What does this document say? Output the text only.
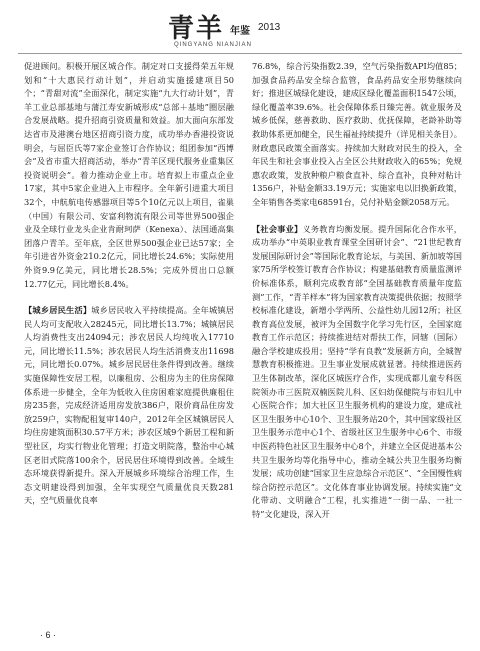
青羊 年鉴 2013
QINGYANG NIANJIAN

促进顾问。积极开展区城合作。制定对口支援得荣五年规划和“十大惠民行动计划”，并启动实施援建项目50个；“青甜对流”全面深化，制定实施“九大行动计划”，青羊工业总部基地与蒲江寿安新城形成“总部＋基地”圈层融合发展战略。提升招商引资质量和效益。加大面向东部发达省市及港澳台地区招商引资力度，成功举办香港投资说明会，与屈臣氏等7家企业签订合作协议；组团参加“西博会”及省市重大招商活动，举办“青羊区现代服务业重集区投资说明会”。着力推动企业上市。培育拟上市重点企业17家，其中5家企业进入上市程序。全年新引进重大项目32个，中航航电传感器项目等5个10亿元以上项目，雀巢（中国）有限公司、安富利物流有限公司等世界500强企业及全球行业龙头企业肯耐珂萨（Kenexa）、法国通高集团落户青羊。至年底，全区世界500强企业已达57家；全年引进省外资金210.2亿元，同比增长24.6%；实际使用外资9.9亿美元，同比增长28.5%；完成外贸出口总额12.77亿元，同比增长8.4%。

【城乡居民生活】城乡居民收入平持续提高。全年城镇居民人均可支配收入28245元，同比增长13.7%；城镇居民人均消费性支出24094元；涉农居民人均纯收入17710元，同比增长11.5%；涉农居民人均生活消费支出11698元，同比增长0.07%。城乡居民居住条件得到改善。继续实施保障性安居工程，以廉租房、公租房为主的住房保障体系进一步健全，全年为低收入住房困难家庭提供廉租住房235套，完成经济适用房发放386户，限价商品住房发放259户，实物配租复审140户，2012年全区城镇居民人均住房建筑面积30.57平方米；涉农区域9个新居工程和新型社区，均实行物业化管理；打造文明院落，整治中心城区老旧式院落100余个，居民居住环境得到改善。全域生态环境获得新提升。深入开展城乡环境综合治理工作，生态文明建设得到加强，全年实现空气质量优良天数281天，空气质量优良率

76.8%，综合污染指数2.39，空气污染指数API均值85；加强食品药品安全综合监管，食品药品安全形势继续向好；推进区城绿化建设，建成区绿化覆盖面积1547公顷，绿化覆盖率39.6%。社会保障体系日臻完善。就业服务及城乡低保，慈善救助、医疗救助、优抚保障，老龄补助等救助体系更加健全，民生福祉持续提升（详见相关条目）。财政惠民政策全面落实。持续加大财政对民生的投入，全年民生和社会事业投入占全区公共财政收入的65%；免规惠农政策，发放种粮户粮食直补、综合直补，良种对粘计1356户，补贴金额33.19万元；实施家电以旧换新政策，全年销售各类家电68591台，兑付补贴金额2058万元。

【社会事业】义务教育均衡发展。提升国际化合作水平，成功举办“中英职业教育课堂全国研讨会”、“21世纪教育发展国际研讨会”等国际化教育论坛，与美国、新加坡等国家75所学校签订教育合作协议；构建基础教育质量监测评价标准体系，顺利完成教育部“全国基础教育质量年度监测”工作，“青羊样本”将为国家教育决策提供依据；按照学校标准化建设，新增小学两所、公益性幼儿园12所；社区教育高位发展，被评为全国数字化学习先行区，全国家庭教育工作示范区；持续推进结对帮扶工作，同辖（国际）融合学校建成投用；坚持“学有良教”发展新方向，全城智慧教育积极推进。卫生事业发展成就显著。持续推进医药卫生体制改革，深化区城医疗合作，实现成都儿童专科医院领办市三医院双楠医院儿科、区妇幼保健院与市妇儿中心医院合作；加大社区卫生服务机构的建设力度，建成社区卫生服务中心10个、卫生服务站20个，其中国家级社区卫生服务示范中心1个、省级社区卫生服务中心6个、市级中医药特色社区卫生服务中心8个，并建立全区促进基本公共卫生服务均等化指导中心，推动全城公共卫生服务均衡发展；成功创建“国家卫生应急综合示范区”、“全国慢性病综合防控示范区”。文化体育事业协调发展。持续实施“文化带动、文明融合”工程，扎实推进“一街一品、一社一特”文化建设，深入开

· 6 ·
